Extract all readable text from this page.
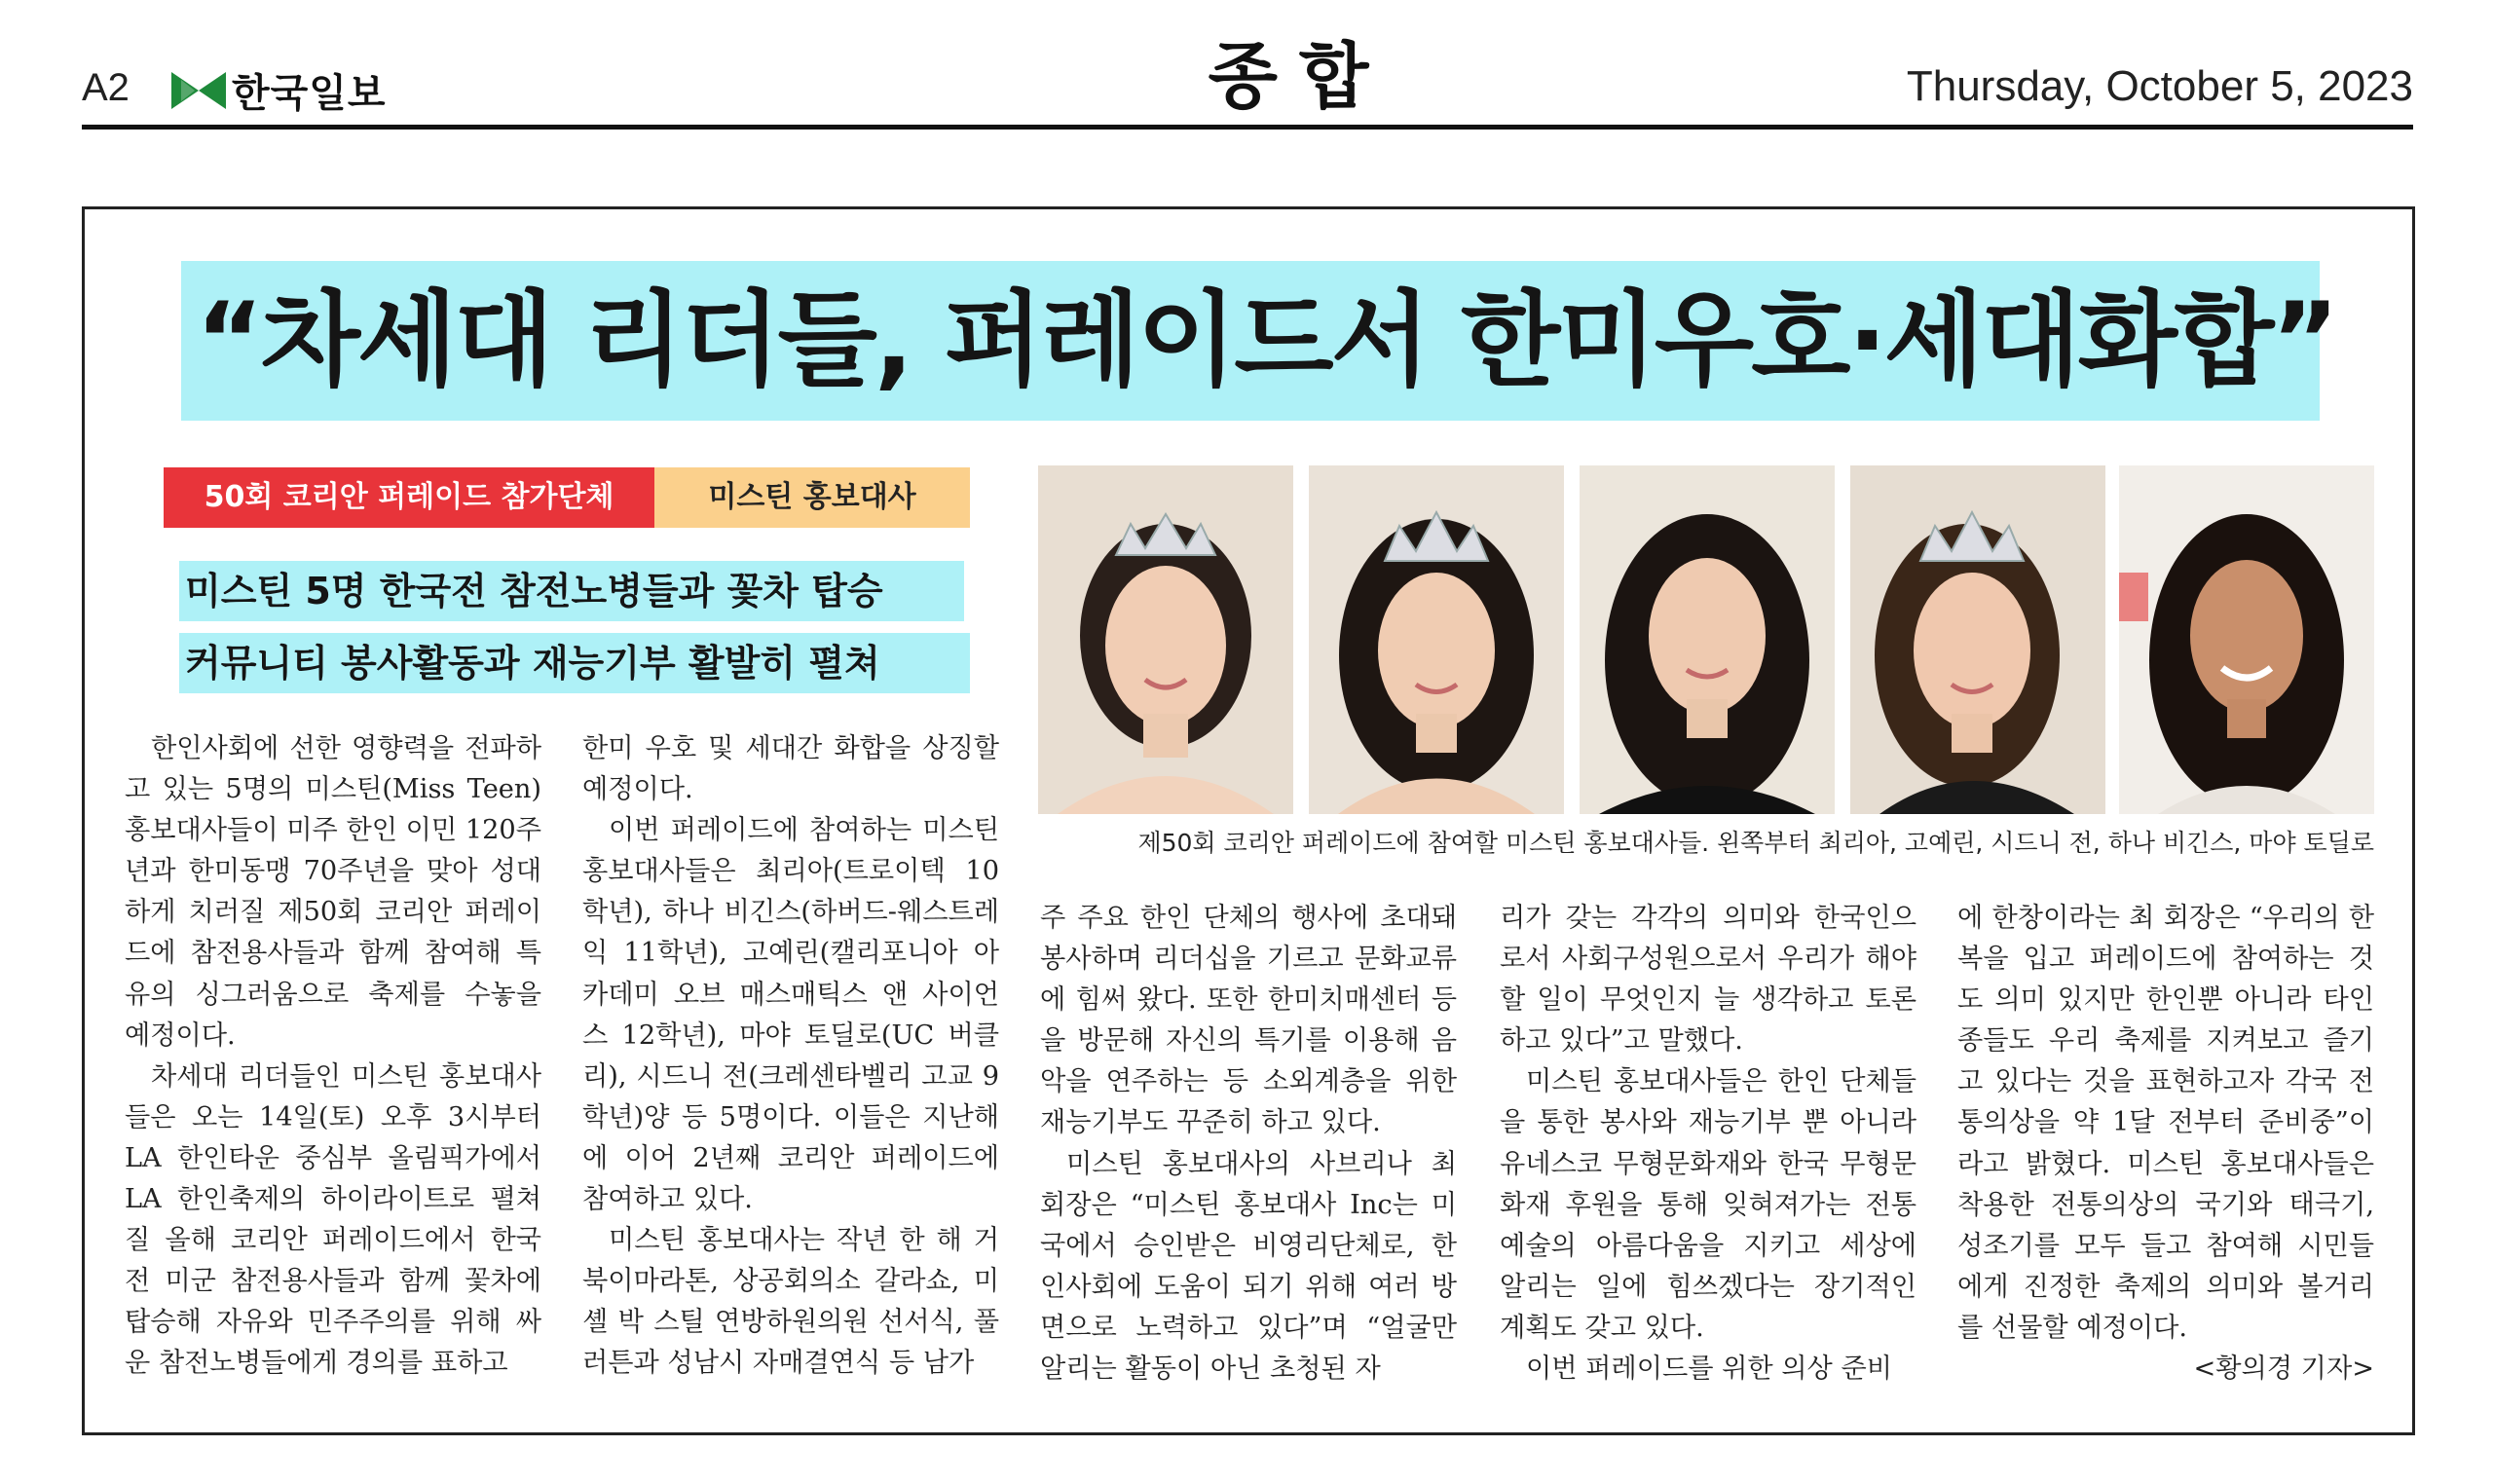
A2	한국일보	종합	Thursday, October 5, 2023
“차세대 리더들, 퍼레이드서 한미우호·세대화합”
50회 코리안 퍼레이드 참가단체	미스틴 홍보대사
미스틴 5명 한국전 참전노병들과 꽃차 탑승
커뮤니티 봉사활동과 재능기부 활발히 펼쳐

한인사회에 선한 영향력을 전파하고 있는 5명의 미스틴(Miss Teen) 홍보대사들이 미주 한인 이민 120주년과 한미동맹 70주년을 맞아 성대하게 치러질 제50회 코리안 퍼레이드에 참전용사들과 함께 참여해 특유의 싱그러움으로 축제를 수놓을 예정이다.

차세대 리더들인 미스틴 홍보대사들은 오는 14일(토) 오후 3시부터 LA 한인타운 중심부 올림픽가에서 LA 한인축제의 하이라이트로 펼쳐질 올해 코리안 퍼레이드에서 한국전 미군 참전용사들과 함께 꽃차에 탑승해 자유와 민주주의를 위해 싸운 참전노병들에게 경의를 표하고

한미 우호 및 세대간 화합을 상징할 예정이다.

이번 퍼레이드에 참여하는 미스틴 홍보대사들은 최리아(트로이텍 10학년), 하나 비긴스(하버드-웨스트레익 11학년), 고예린(캘리포니아 아카데미 오브 매스매틱스 앤 사이언스 12학년), 마야 토딜로(UC 버클리), 시드니 전(크레센타벨리 고교 9학년)양 등 5명이다. 이들은 지난해에 이어 2년째 코리안 퍼레이드에 참여하고 있다.

미스틴 홍보대사는 작년 한 해 거북이마라톤, 상공회의소 갈라쇼, 미셸 박 스틸 연방하원의원 선서식, 풀러튼과 성남시 자매결연식 등 남가

주 주요 한인 단체의 행사에 초대돼 봉사하며 리더십을 기르고 문화교류에 힘써 왔다. 또한 한미치매센터 등을 방문해 자신의 특기를 이용해 음악을 연주하는 등 소외계층을 위한 재능기부도 꾸준히 하고 있다.

미스틴 홍보대사의 사브리나 최 회장은 “미스틴 홍보대사 Inc는 미국에서 승인받은 비영리단체로, 한인사회에 도움이 되기 위해 여러 방면으로 노력하고 있다”며 “얼굴만 알리는 활동이 아닌 초청된 자

리가 갖는 각각의 의미와 한국인으로서 사회구성원으로서 우리가 해야 할 일이 무엇인지 늘 생각하고 토론하고 있다”고 말했다.

미스틴 홍보대사들은 한인 단체들을 통한 봉사와 재능기부 뿐 아니라 유네스코 무형문화재와 한국 무형문화재 후원을 통해 잊혀져가는 전통예술의 아름다움을 지키고 세상에 알리는 일에 힘쓰겠다는 장기적인 계획도 갖고 있다.

이번 퍼레이드를 위한 의상 준비

에 한창이라는 최 회장은 “우리의 한복을 입고 퍼레이드에 참여하는 것도 의미 있지만 한인뿐 아니라 타인종들도 우리 축제를 지켜보고 즐기고 있다는 것을 표현하고자 각국 전통의상을 약 1달 전부터 준비중”이라고 밝혔다. 미스틴 홍보대사들은 착용한 전통의상의 국기와 태극기, 성조기를 모두 들고 참여해 시민들에게 진정한 축제의 의미와 볼거리를 선물할 예정이다.

<황의경 기자>

제50회 코리안 퍼레이드에 참여할 미스틴 홍보대사들. 왼쪽부터 최리아, 고예린, 시드니 전, 하나 비긴스, 마야 토딜로
